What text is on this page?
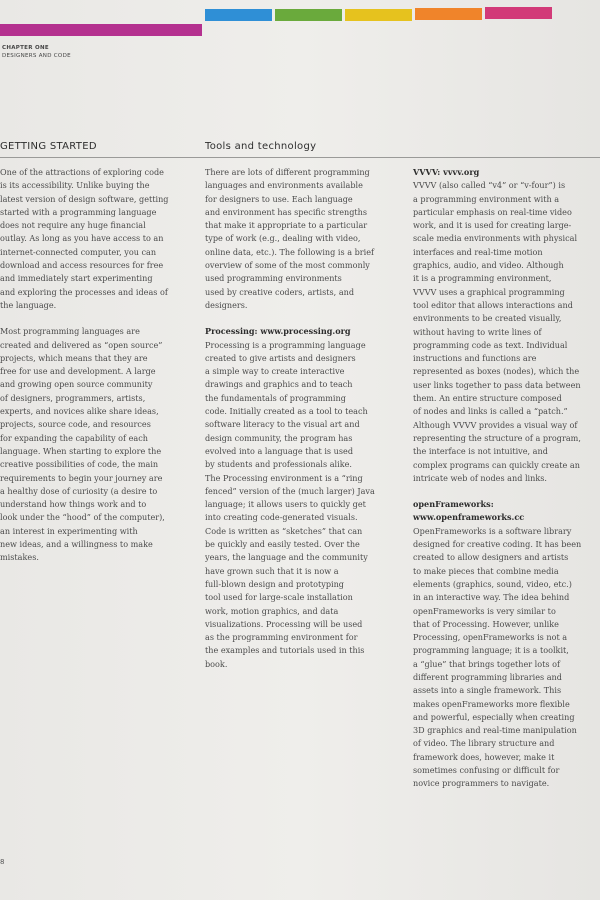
CHAPTER ONE
DESIGNERS AND CODE
GETTING STARTED	Tools and technology

One of the attractions of exploring code

is its accessibility. Unlike buying the

latest version of design software, getting

started with a programming language

does not require any huge financial

outlay. As long as you have access to an

internet-connected computer, you can

download and access resources for free

and immediately start experimenting

and exploring the processes and ideas of

the language.

Most programming languages are

created and delivered as “open source”

projects, which means that they are

free for use and development. A large

and growing open source community

of designers, programmers, artists,

experts, and novices alike share ideas,

projects, source code, and resources

for expanding the capability of each

language. When starting to explore the

creative possibilities of code, the main

requirements to begin your journey are

a healthy dose of curiosity (a desire to

understand how things work and to

look under the “hood” of the computer),

an interest in experimenting with

new ideas, and a willingness to make

mistakes.

There are lots of different programming

languages and environments available

for designers to use. Each language

and environment has specific strengths

that make it appropriate to a particular

type of work (e.g., dealing with video,

online data, etc.). The following is a brief

overview of some of the most commonly

used programming environments

used by creative coders, artists, and

designers.

Processing: www.processing.org

Processing is a programming language

created to give artists and designers

a simple way to create interactive

drawings and graphics and to teach

the fundamentals of programming

code. Initially created as a tool to teach

software literacy to the visual art and

design community, the program has

evolved into a language that is used

by students and professionals alike.

The Processing environment is a “ring

fenced” version of the (much larger) Java

language; it allows users to quickly get

into creating code-generated visuals.

Code is written as “sketches” that can

be quickly and easily tested. Over the

years, the language and the community

have grown such that it is now a

full-blown design and prototyping

tool used for large-scale installation

work, motion graphics, and data

visualizations. Processing will be used

as the programming environment for

the examples and tutorials used in this

book.

VVVV: vvvv.org

VVVV (also called “v4” or “v-four”) is

a programming environment with a

particular emphasis on real-time video

work, and it is used for creating large-

scale media environments with physical

interfaces and real-time motion

graphics, audio, and video. Although

it is a programming environment,

VVVV uses a graphical programming

tool editor that allows interactions and

environments to be created visually,

without having to write lines of

programming code as text. Individual

instructions and functions are

represented as boxes (nodes), which the

user links together to pass data between

them. An entire structure composed

of nodes and links is called a “patch.”

Although VVVV provides a visual way of

representing the structure of a program,

the interface is not intuitive, and

complex programs can quickly create an

intricate web of nodes and links.

openFrameworks:

www.openframeworks.cc

OpenFrameworks is a software library

designed for creative coding. It has been

created to allow designers and artists

to make pieces that combine media

elements (graphics, sound, video, etc.)

in an interactive way. The idea behind

openFrameworks is very similar to

that of Processing. However, unlike

Processing, openFrameworks is not a

programming language; it is a toolkit,

a “glue” that brings together lots of

different programming libraries and

assets into a single framework. This

makes openFrameworks more flexible

and powerful, especially when creating

3D graphics and real-time manipulation

of video. The library structure and

framework does, however, make it

sometimes confusing or difficult for

novice programmers to navigate.

8
